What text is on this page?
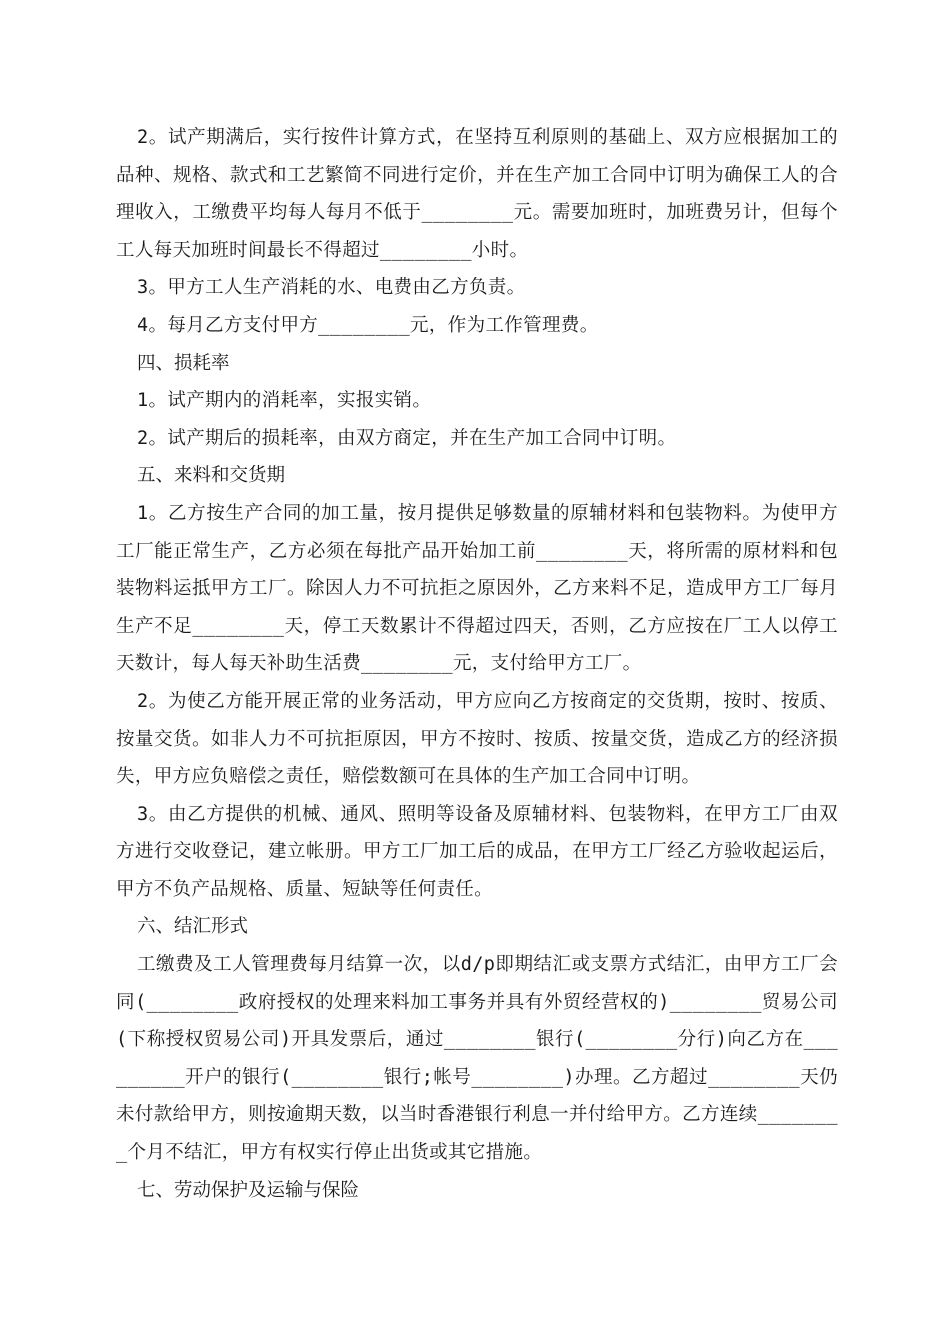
2。试产期满后，实行按件计算方式，在坚持互利原则的基础上、双方应根据加工的品种、规格、款式和工艺繁简不同进行定价，并在生产加工合同中订明为确保工人的合理收入，工缴费平均每人每月不低于________元。需要加班时，加班费另计，但每个工人每天加班时间最长不得超过________小时。

3。甲方工人生产消耗的水、电费由乙方负责。

4。每月乙方支付甲方________元，作为工作管理费。

四、损耗率

1。试产期内的消耗率，实报实销。

2。试产期后的损耗率，由双方商定，并在生产加工合同中订明。

五、来料和交货期

1。乙方按生产合同的加工量，按月提供足够数量的原辅材料和包装物料。为使甲方工厂能正常生产，乙方必须在每批产品开始加工前________天，将所需的原材料和包装物料运抵甲方工厂。除因人力不可抗拒之原因外，乙方来料不足，造成甲方工厂每月生产不足________天，停工天数累计不得超过四天，否则，乙方应按在厂工人以停工天数计，每人每天补助生活费________元，支付给甲方工厂。

2。为使乙方能开展正常的业务活动，甲方应向乙方按商定的交货期，按时、按质、按量交货。如非人力不可抗拒原因，甲方不按时、按质、按量交货，造成乙方的经济损失，甲方应负赔偿之责任，赔偿数额可在具体的生产加工合同中订明。

3。由乙方提供的机械、通风、照明等设备及原辅材料、包装物料，在甲方工厂由双方进行交收登记，建立帐册。甲方工厂加工后的成品，在甲方工厂经乙方验收起运后，甲方不负产品规格、质量、短缺等任何责任。

六、结汇形式

工缴费及工人管理费每月结算一次，以d/p即期结汇或支票方式结汇，由甲方工厂会同(________政府授权的处理来料加工事务并具有外贸经营权的)________贸易公司(下称授权贸易公司)开具发票后，通过________银行(________分行)向乙方在_________开户的银行(________银行;帐号________)办理。乙方超过________天仍未付款给甲方，则按逾期天数，以当时香港银行利息一并付给甲方。乙方连续________个月不结汇，甲方有权实行停止出货或其它措施。

七、劳动保护及运输与保险
